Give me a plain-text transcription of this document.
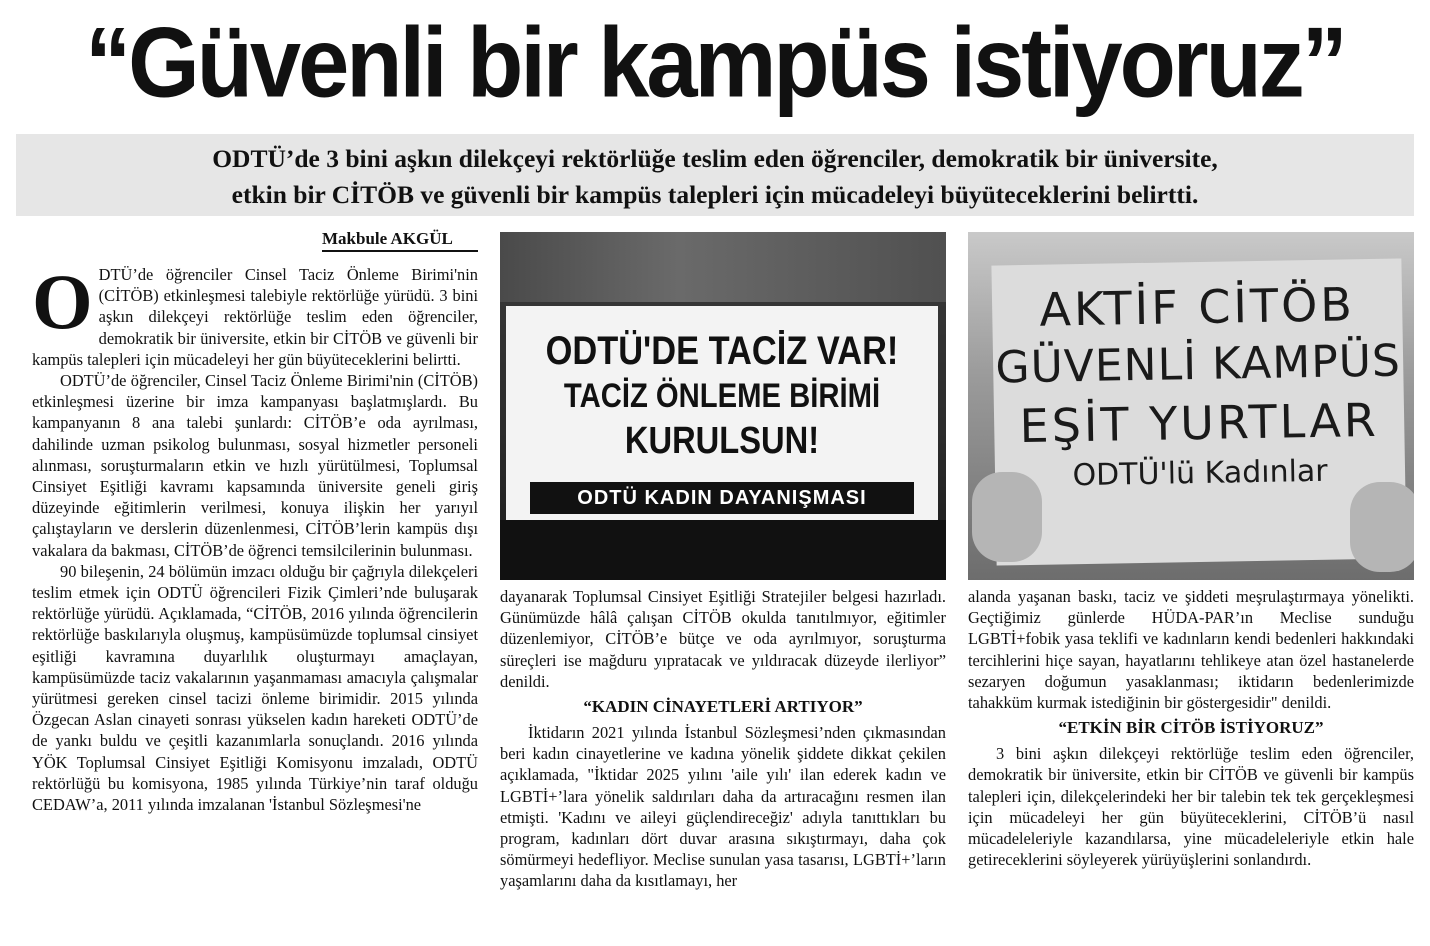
“Güvenli bir kampüs istiyoruz”
ODTÜ’de 3 bini aşkın dilekçeyi rektörlüğe teslim eden öğrenciler, demokratik bir üniversite,
etkin bir CİTÖB ve güvenli bir kampüs talepleri için mücadeleyi büyüteceklerini belirtti.
Makbule AKGÜL
O DTÜ’de öğrenciler Cinsel Taciz Önleme Birimi'nin (CİTÖB) etkinleşmesi talebiyle rektörlüğe yürüdü. 3 bini aşkın dilekçeyi rektörlüğe teslim eden öğrenciler, demokratik bir üniversite, etkin bir CİTÖB ve güvenli bir kampüs talepleri için mücadeleyi her gün büyüteceklerini belirtti.

ODTÜ’de öğrenciler, Cinsel Taciz Önleme Birimi'nin (CİTÖB) etkinleşmesi üzerine bir imza kampanyası başlatmışlardı. Bu kampanyanın 8 ana talebi şunlardı: CİTÖB’e oda ayrılması, dahilinde uzman psikolog bulunması, sosyal hizmetler personeli alınması, soruşturmaların etkin ve hızlı yürütülmesi, Toplumsal Cinsiyet Eşitliği kavramı kapsamında üniversite geneli giriş düzeyinde eğitimlerin verilmesi, konuya ilişkin her yarıyıl çalıştayların ve derslerin düzenlenmesi, CİTÖB’lerin kampüs dışı vakalara da bakması, CİTÖB’de öğrenci temsilcilerinin bulunması.

90 bileşenin, 24 bölümün imzacı olduğu bir çağrıyla dilekçeleri teslim etmek için ODTÜ öğrencileri Fizik Çimleri’nde buluşarak rektörlüğe yürüdü. Açıklamada, “CİTÖB, 2016 yılında öğrencilerin rektörlüğe baskılarıyla oluşmuş, kampüsümüzde toplumsal cinsiyet eşitliği kavramına duyarlılık oluşturmayı amaçlayan, kampüsümüzde taciz vakalarının yaşanmaması amacıyla çalışmalar yürütmesi gereken cinsel tacizi önleme birimidir. 2015 yılında Özgecan Aslan cinayeti sonrası yükselen kadın hareketi ODTÜ’de de yankı buldu ve çeşitli kazanımlarla sonuçlandı. 2016 yılında YÖK Toplumsal Cinsiyet Eşitliği Komisyonu imzaladı, ODTÜ rektörlüğü bu komisyona, 1985 yılında Türkiye’nin taraf olduğu CEDAW’a, 2011 yılında imzalanan 'İstanbul Sözleşmesi'ne

ODTÜ'DE TACİZ VAR!
TACİZ ÖNLEME BİRİMİ
KURULSUN!
ODTÜ KADIN DAYANIŞMASI
AKTİF CİTÖB
GÜVENLİ KAMPÜS
EŞİT YURTLAR
ODTÜ'lü Kadınlar

dayanarak Toplumsal Cinsiyet Eşitliği Stratejiler belgesi hazırladı. Günümüzde hâlâ çalışan CİTÖB okulda tanıtılmıyor, eğitimler düzenlemiyor, CİTÖB’e bütçe ve oda ayrılmıyor, soruşturma süreçleri ise mağduru yıpratacak ve yıldıracak düzeyde ilerliyor” denildi.

“KADIN CİNAYETLERİ ARTIYOR”

İktidarın 2021 yılında İstanbul Sözleşmesi’nden çıkmasından beri kadın cinayetlerine ve kadına yönelik şiddete dikkat çekilen açıklamada, "İktidar 2025 yılını 'aile yılı' ilan ederek kadın ve LGBTİ+’lara yönelik saldırıları daha da artıracağını resmen ilan etmişti. 'Kadını ve aileyi güçlendireceğiz' adıyla tanıttıkları bu program, kadınları dört duvar arasına sıkıştırmayı, daha çok sömürmeyi hedefliyor. Meclise sunulan yasa tasarısı, LGBTİ+’ların yaşamlarını daha da kısıtlamayı, her

alanda yaşanan baskı, taciz ve şiddeti meşrulaştırmaya yönelikti. Geçtiğimiz günlerde HÜDA-PAR’ın Meclise sunduğu LGBTİ+fobik yasa teklifi ve kadınların kendi bedenleri hakkındaki tercihlerini hiçe sayan, hayatlarını tehlikeye atan özel hastanelerde sezaryen doğumun yasaklanması; iktidarın bedenlerimizde tahakküm kurmak istediğinin bir göstergesidir" denildi.

“ETKİN BİR CİTÖB İSTİYORUZ”

3 bini aşkın dilekçeyi rektörlüğe teslim eden öğrenciler, demokratik bir üniversite, etkin bir CİTÖB ve güvenli bir kampüs talepleri için, dilekçelerindeki her bir talebin tek tek gerçekleşmesi için mücadeleyi her gün büyüteceklerini, CİTÖB’ü nasıl mücadeleleriyle kazandılarsa, yine mücadeleleriyle etkin hale getireceklerini söyleyerek yürüyüşlerini sonlandırdı.
